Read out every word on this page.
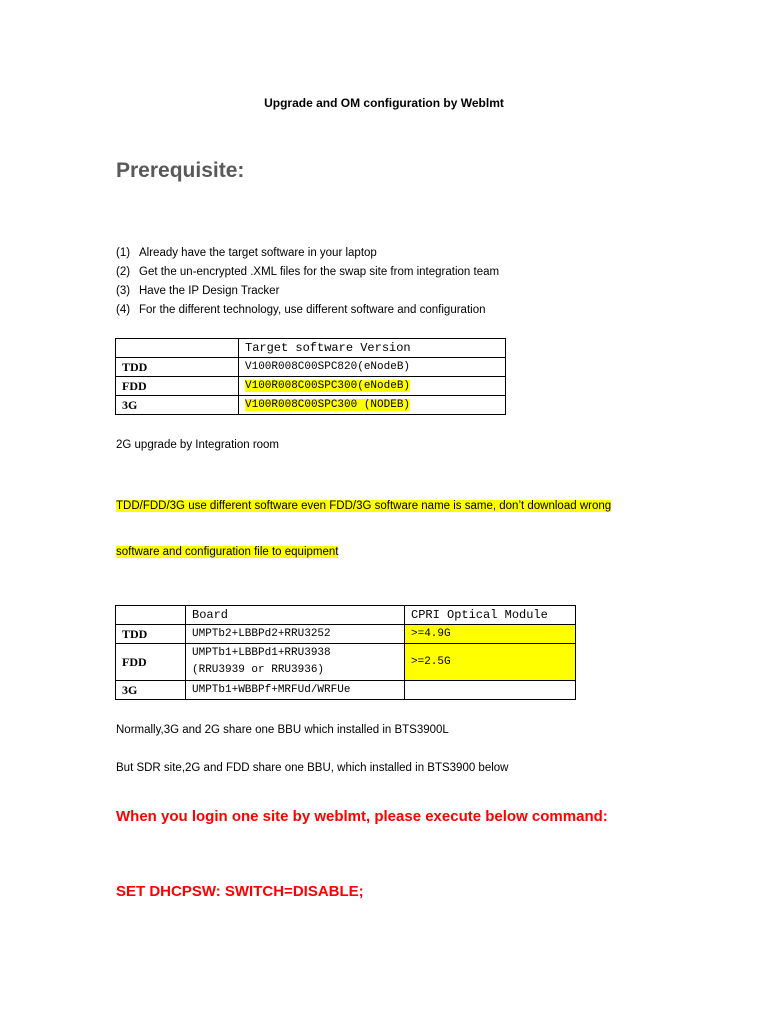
Upgrade and OM configuration by Weblmt
Prerequisite:
(1) Already have the target software in your laptop
(2) Get the un-encrypted .XML files for the swap site from integration team
(3) Have the IP Design Tracker
(4) For the different technology, use different software and configuration
	Target software Version
TDD	V100R008C00SPC820(eNodeB)
FDD	V100R008C00SPC300(eNodeB)
3G	V100R008C00SPC300 (NODEB)
2G upgrade by Integration room
TDD/FDD/3G use different software even FDD/3G software name is same, don’t download wrong
software and configuration file to equipment
	Board	CPRI Optical Module
TDD	UMPTb2+LBBPd2+RRU3252	>=4.9G
FDD	UMPTb1+LBBPd1+RRU3938
(RRU3939 or RRU3936)	>=2.5G
3G	UMPTb1+WBBPf+MRFUd/WRFUe	
Normally,3G and 2G share one BBU which installed in BTS3900L
But SDR site,2G and FDD share one BBU, which installed in BTS3900 below
When you login one site by weblmt, please execute below command:
SET DHCPSW: SWITCH=DISABLE;
